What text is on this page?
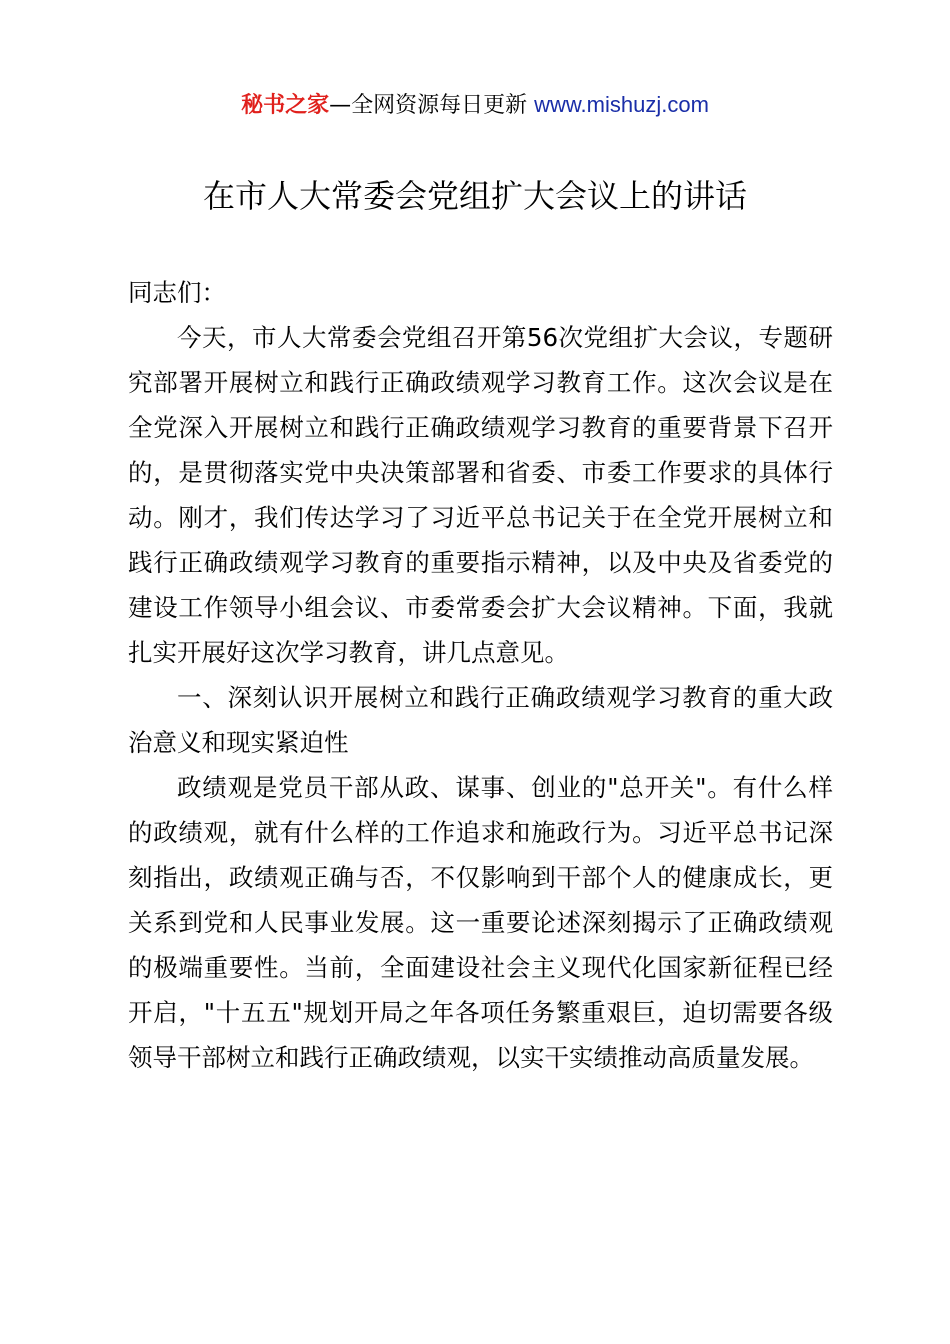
秘书之家—全网资源每日更新 www.mishuzj.com
在市人大常委会党组扩大会议上的讲话

同志们：

今天，市人大常委会党组召开第56次党组扩大会议，专题研究部署开展树立和践行正确政绩观学习教育工作。这次会议是在全党深入开展树立和践行正确政绩观学习教育的重要背景下召开的，是贯彻落实党中央决策部署和省委、市委工作要求的具体行动。刚才，我们传达学习了习近平总书记关于在全党开展树立和践行正确政绩观学习教育的重要指示精神，以及中央及省委党的建设工作领导小组会议、市委常委会扩大会议精神。下面，我就扎实开展好这次学习教育，讲几点意见。

一、深刻认识开展树立和践行正确政绩观学习教育的重大政治意义和现实紧迫性

政绩观是党员干部从政、谋事、创业的"总开关"。有什么样的政绩观，就有什么样的工作追求和施政行为。习近平总书记深刻指出，政绩观正确与否，不仅影响到干部个人的健康成长，更关系到党和人民事业发展。这一重要论述深刻揭示了正确政绩观的极端重要性。当前，全面建设社会主义现代化国家新征程已经开启，"十五五"规划开局之年各项任务繁重艰巨，迫切需要各级领导干部树立和践行正确政绩观，以实干实绩推动高质量发展。
